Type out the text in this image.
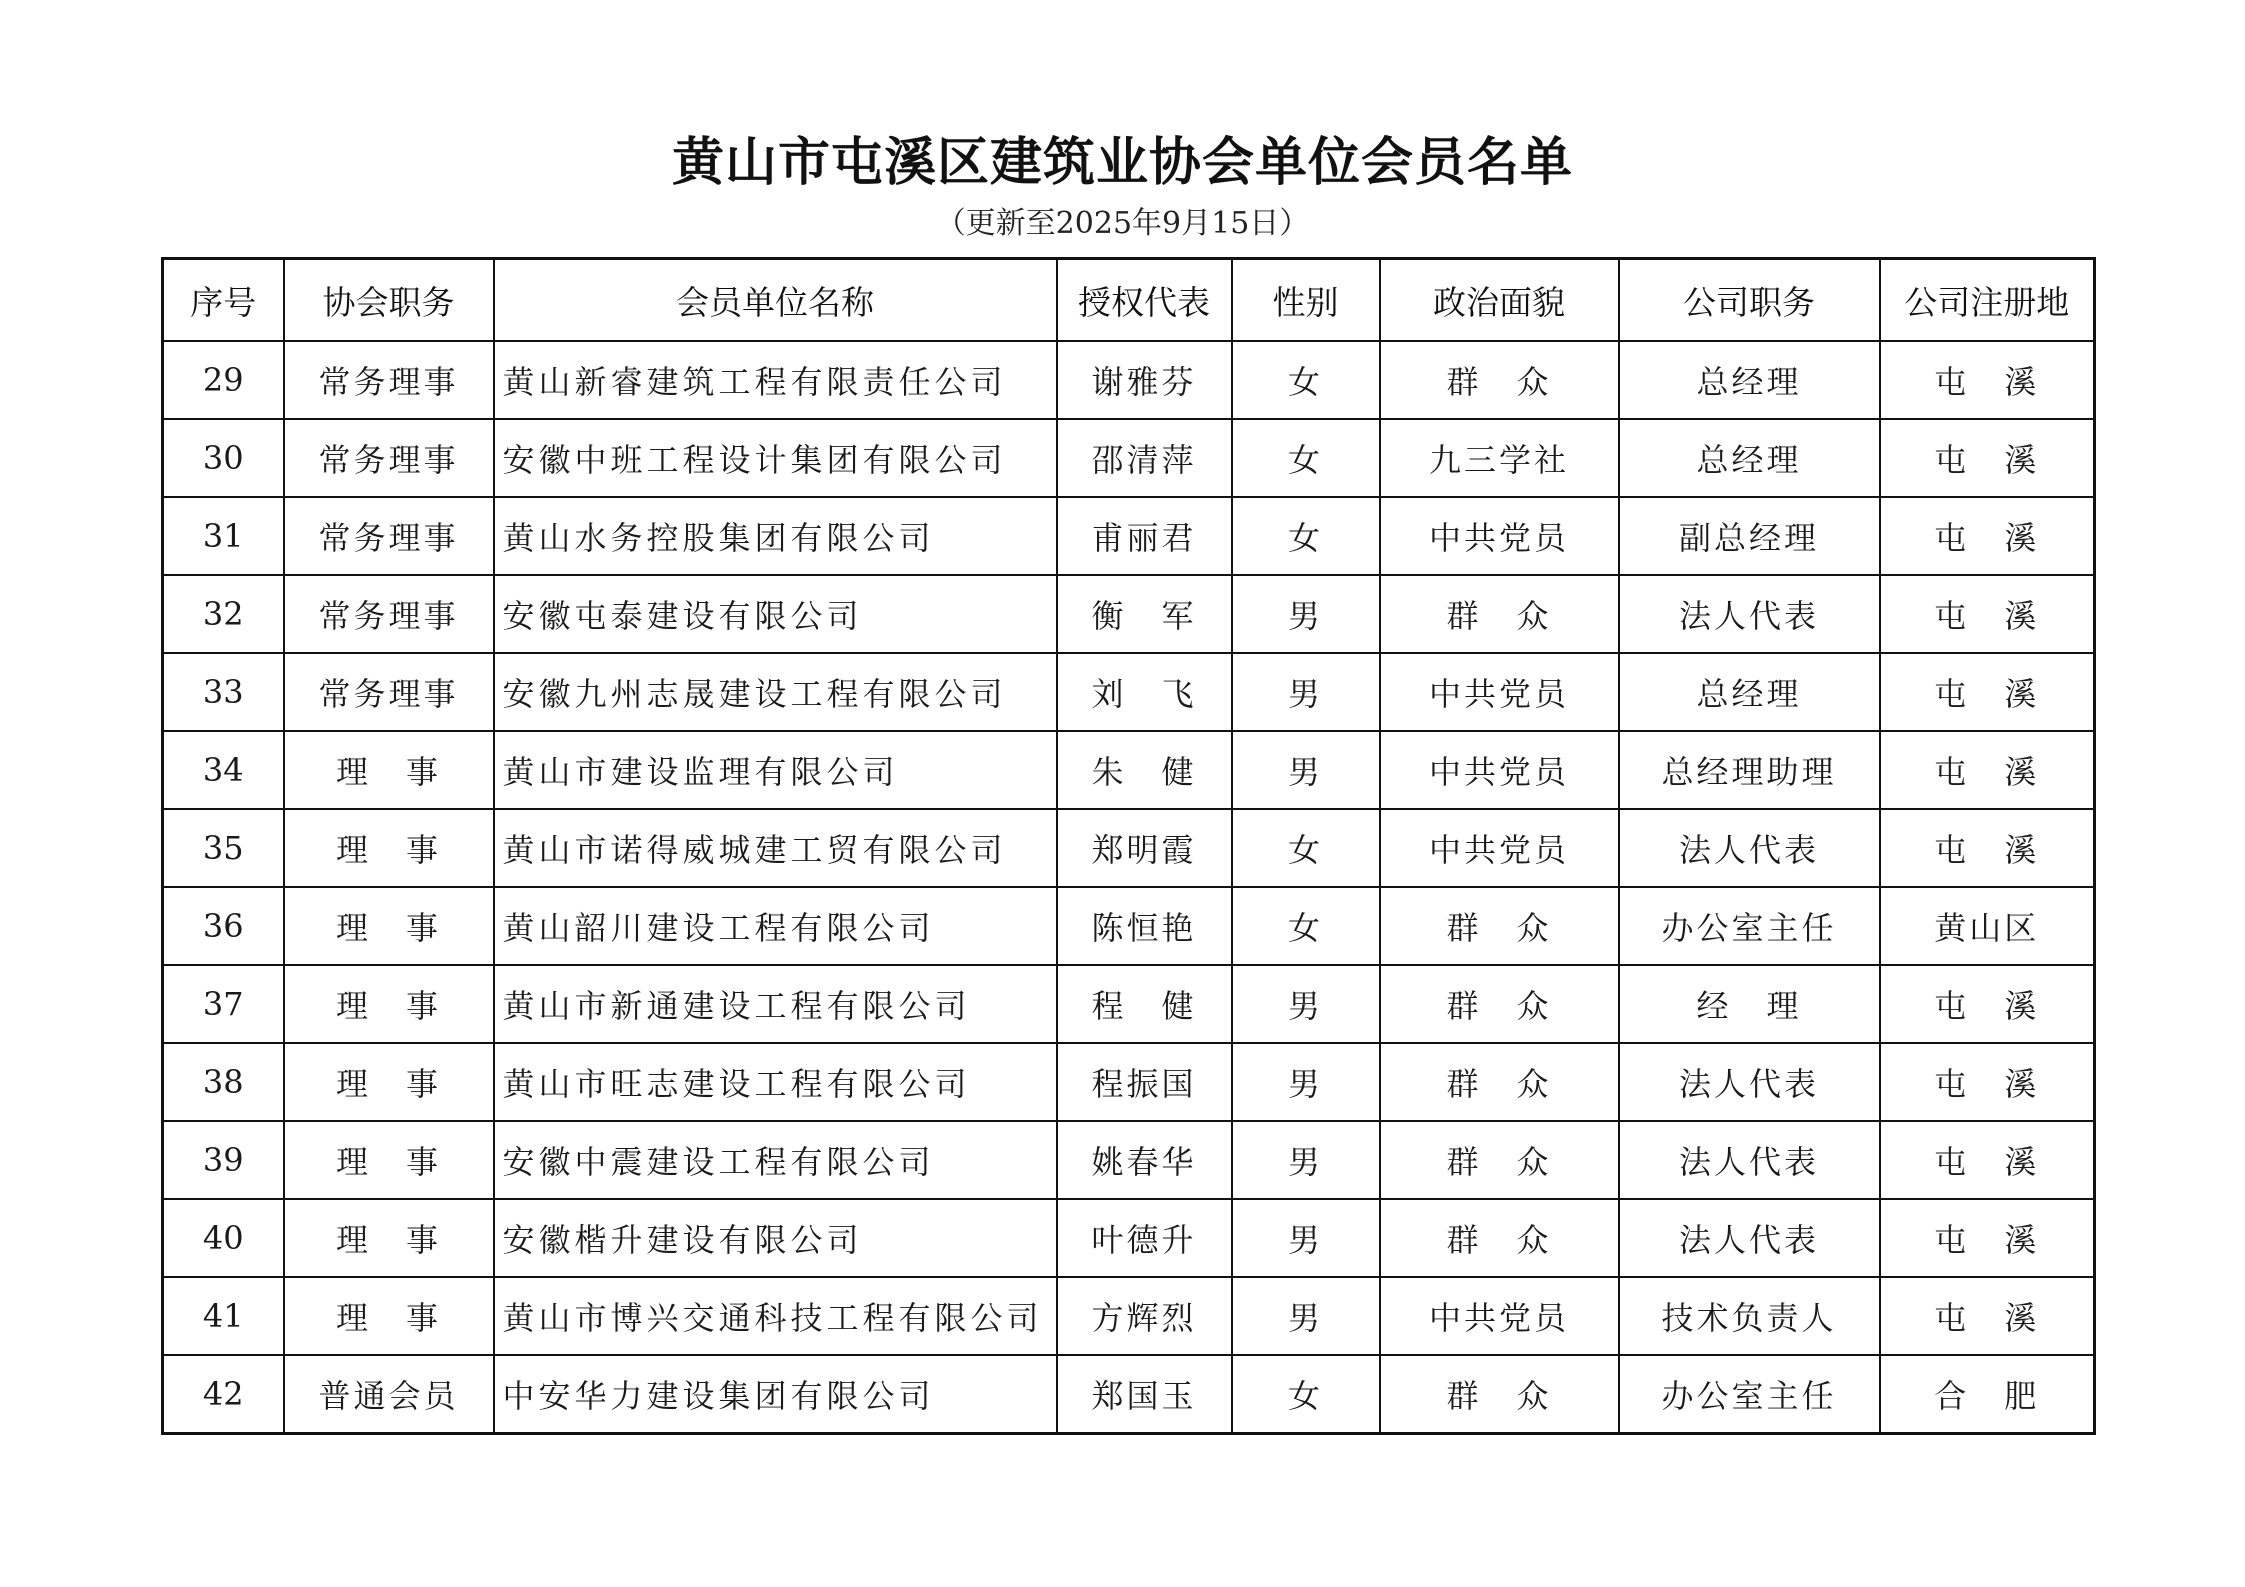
黄山市屯溪区建筑业协会单位会员名单
（更新至2025年9月15日）
序号	协会职务	会员单位名称	授权代表	性别	政治面貌	公司职务	公司注册地
29	常务理事	黄山新睿建筑工程有限责任公司	谢雅芬	女	群　众	总经理	屯　溪
30	常务理事	安徽中班工程设计集团有限公司	邵清萍	女	九三学社	总经理	屯　溪
31	常务理事	黄山水务控股集团有限公司	甫丽君	女	中共党员	副总经理	屯　溪
32	常务理事	安徽屯泰建设有限公司	衡　军	男	群　众	法人代表	屯　溪
33	常务理事	安徽九州志晟建设工程有限公司	刘　飞	男	中共党员	总经理	屯　溪
34	理　事	黄山市建设监理有限公司	朱　健	男	中共党员	总经理助理	屯　溪
35	理　事	黄山市诺得威城建工贸有限公司	郑明霞	女	中共党员	法人代表	屯　溪
36	理　事	黄山韶川建设工程有限公司	陈恒艳	女	群　众	办公室主任	黄山区
37	理　事	黄山市新通建设工程有限公司	程　健	男	群　众	经　理	屯　溪
38	理　事	黄山市旺志建设工程有限公司	程振国	男	群　众	法人代表	屯　溪
39	理　事	安徽中震建设工程有限公司	姚春华	男	群　众	法人代表	屯　溪
40	理　事	安徽楷升建设有限公司	叶德升	男	群　众	法人代表	屯　溪
41	理　事	黄山市博兴交通科技工程有限公司	方辉烈	男	中共党员	技术负责人	屯　溪
42	普通会员	中安华力建设集团有限公司	郑国玉	女	群　众	办公室主任	合　肥
